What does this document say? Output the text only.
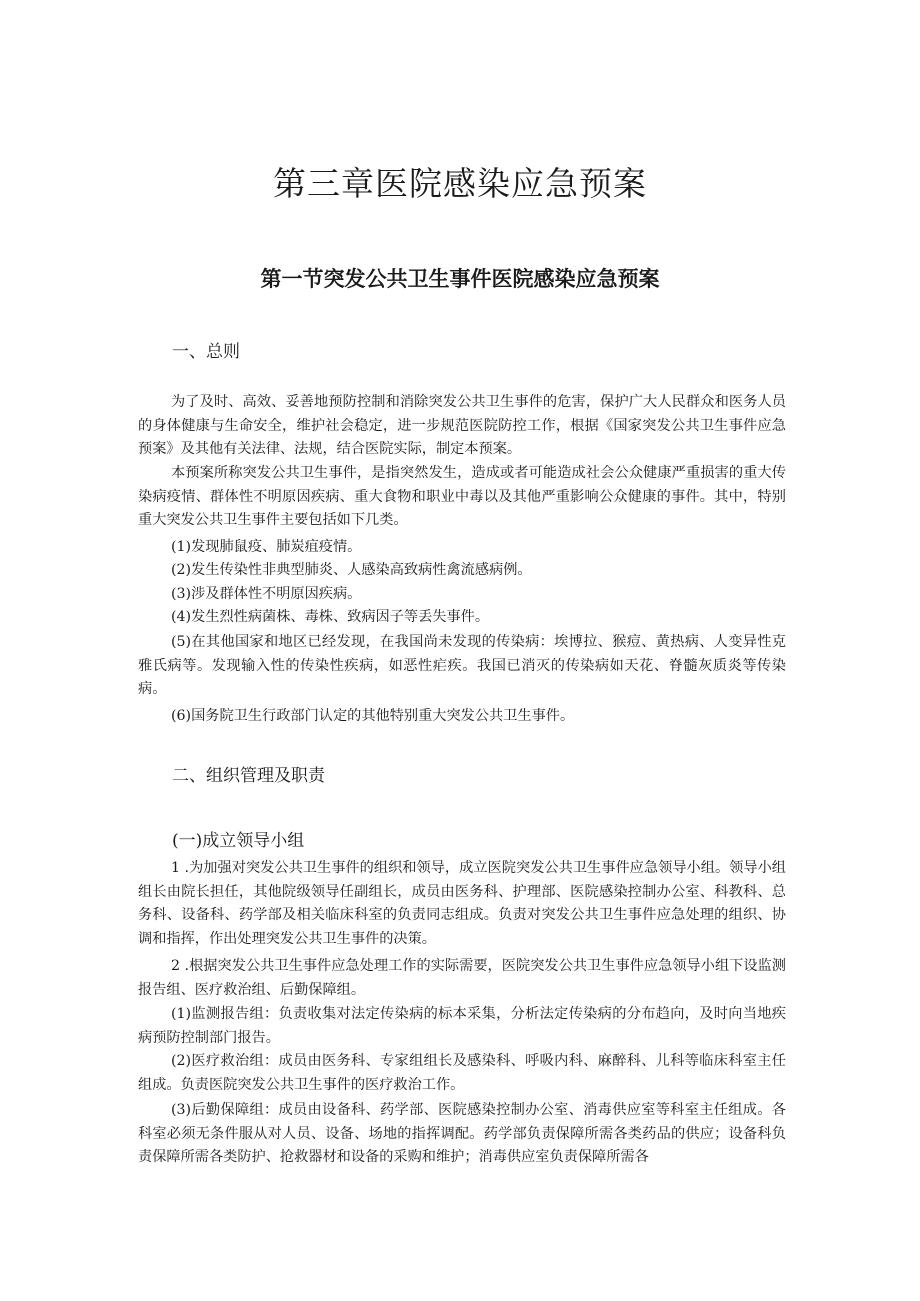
第三章医院感染应急预案
第一节突发公共卫生事件医院感染应急预案
一、总则

为了及时、高效、妥善地预防控制和消除突发公共卫生事件的危害，保护广大人民群众和医务人员的身体健康与生命安全，维护社会稳定，进一步规范医院防控工作，根据《国家突发公共卫生事件应急预案》及其他有关法律、法规，结合医院实际，制定本预案。

本预案所称突发公共卫生事件，是指突然发生，造成或者可能造成社会公众健康严重损害的重大传染病疫情、群体性不明原因疾病、重大食物和职业中毒以及其他严重影响公众健康的事件。其中，特别重大突发公共卫生事件主要包括如下几类。

(1)发现肺鼠疫、肺炭疽疫情。

(2)发生传染性非典型肺炎、人感染高致病性禽流感病例。

(3)涉及群体性不明原因疾病。

(4)发生烈性病菌株、毒株、致病因子等丢失事件。

(5)在其他国家和地区已经发现，在我国尚未发现的传染病：埃博拉、猴痘、黄热病、人变异性克雅氏病等。发现输入性的传染性疾病，如恶性疟疾。我国已消灭的传染病如天花、脊髓灰质炎等传染病。

(6)国务院卫生行政部门认定的其他特别重大突发公共卫生事件。

二、组织管理及职责
(一)成立领导小组

1 .为加强对突发公共卫生事件的组织和领导，成立医院突发公共卫生事件应急领导小组。领导小组组长由院长担任，其他院级领导任副组长，成员由医务科、护理部、医院感染控制办公室、科教科、总务科、设备科、药学部及相关临床科室的负责同志组成。负责对突发公共卫生事件应急处理的组织、协调和指挥，作出处理突发公共卫生事件的决策。

2 .根据突发公共卫生事件应急处理工作的实际需要，医院突发公共卫生事件应急领导小组下设监测报告组、医疗救治组、后勤保障组。

(1)监测报告组：负责收集对法定传染病的标本采集，分析法定传染病的分布趋向，及时向当地疾病预防控制部门报告。

(2)医疗救治组：成员由医务科、专家组组长及感染科、呼吸内科、麻醉科、儿科等临床科室主任组成。负责医院突发公共卫生事件的医疗救治工作。

(3)后勤保障组：成员由设备科、药学部、医院感染控制办公室、消毒供应室等科室主任组成。各科室必须无条件服从对人员、设备、场地的指挥调配。药学部负责保障所需各类药品的供应；设备科负责保障所需各类防护、抢救器材和设备的采购和维护；消毒供应室负责保障所需各
